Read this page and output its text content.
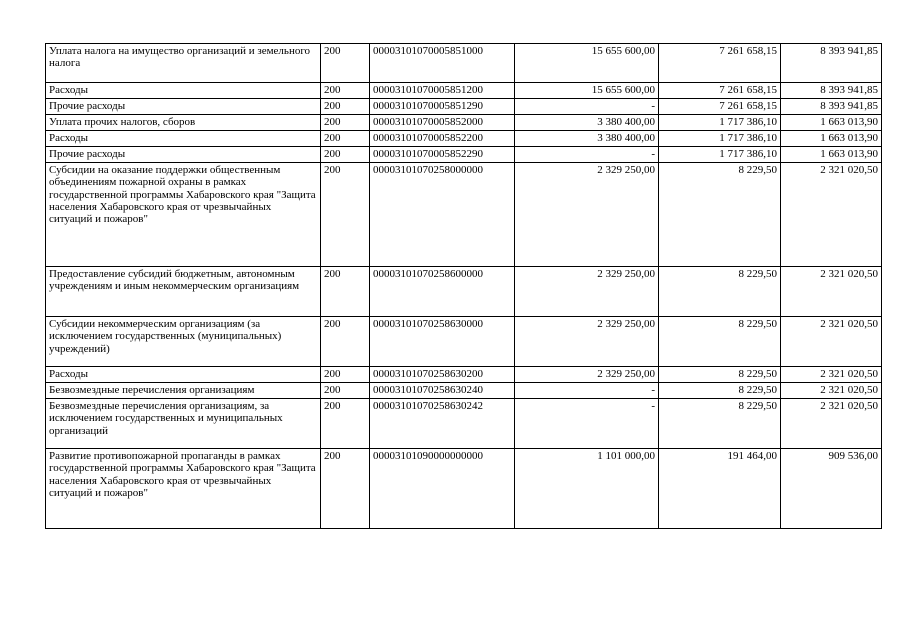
Уплата налога на имущество организаций и земельного налога	200	00003101070005851000	15 655 600,00	7 261 658,15	8 393 941,85
Расходы	200	00003101070005851200	15 655 600,00	7 261 658,15	8 393 941,85
Прочие расходы	200	00003101070005851290	-	7 261 658,15	8 393 941,85
Уплата прочих налогов, сборов	200	00003101070005852000	3 380 400,00	1 717 386,10	1 663 013,90
Расходы	200	00003101070005852200	3 380 400,00	1 717 386,10	1 663 013,90
Прочие расходы	200	00003101070005852290	-	1 717 386,10	1 663 013,90
Субсидии на оказание поддержки общественным объединениям пожарной охраны в рамках государственной программы Хабаровского края "Защита населения Хабаровского края от чрезвычайных ситуаций и пожаров"	200	00003101070258000000	2 329 250,00	8 229,50	2 321 020,50
Предоставление субсидий бюджетным, автономным учреждениям и иным некоммерческим организациям	200	00003101070258600000	2 329 250,00	8 229,50	2 321 020,50
Субсидии некоммерческим организациям (за исключением государственных (муниципальных) учреждений)	200	00003101070258630000	2 329 250,00	8 229,50	2 321 020,50
Расходы	200	00003101070258630200	2 329 250,00	8 229,50	2 321 020,50
Безвозмездные перечисления организациям	200	00003101070258630240	-	8 229,50	2 321 020,50
Безвозмездные перечисления организациям, за исключением государственных и муниципальных организаций	200	00003101070258630242	-	8 229,50	2 321 020,50
Развитие противопожарной пропаганды в рамках государственной программы Хабаровского края "Защита населения Хабаровского края от чрезвычайных ситуаций и пожаров"	200	00003101090000000000	1 101 000,00	191 464,00	909 536,00
